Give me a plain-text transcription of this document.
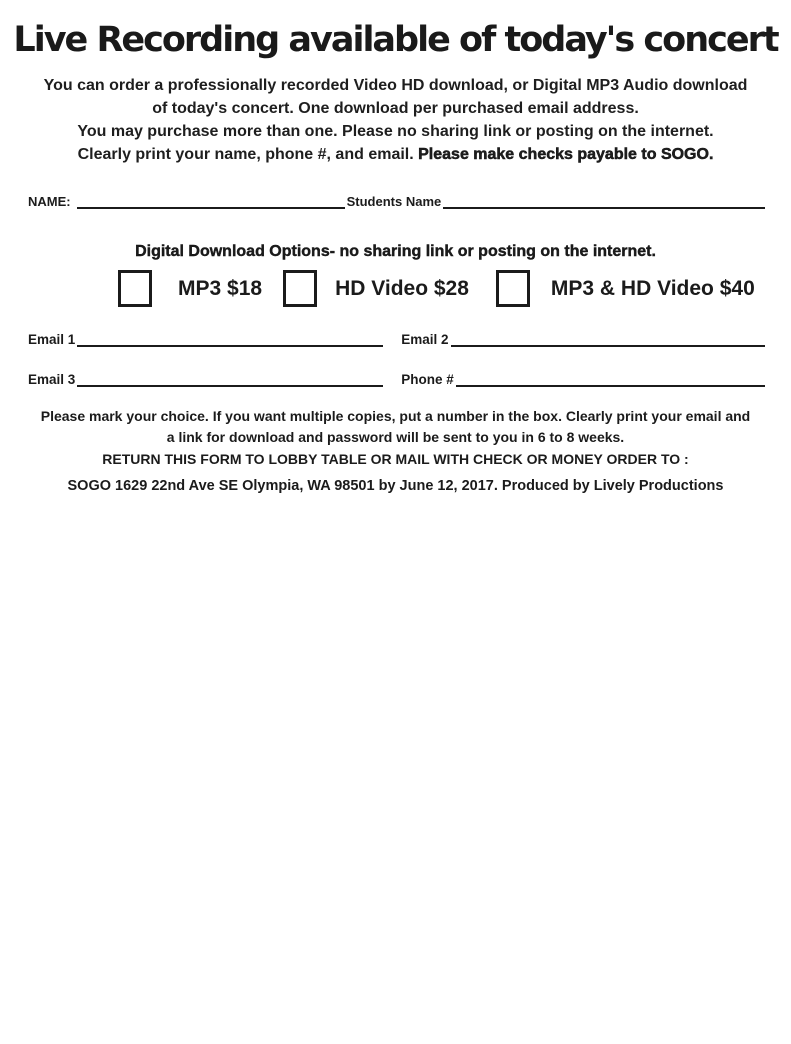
Live Recording available of today's concert
You can order a professionally recorded Video HD download, or Digital MP3 Audio download
of today's concert. One download per purchased email address.
You may purchase more than one. Please no sharing link or posting on the internet.
Clearly print your name, phone #, and email. Please make checks payable to SOGO.
NAME:	Students Name
Digital Download Options- no sharing link or posting on the internet.
MP3 $18	HD Video $28	MP3 & HD Video $40
Email 1	Email 2
Email 3	Phone #
Please mark your choice. If you want multiple copies, put a number in the box. Clearly print your email and
a link for download and password will be sent to you in 6 to 8 weeks.
RETURN THIS FORM TO LOBBY TABLE OR MAIL WITH CHECK OR MONEY ORDER TO :
SOGO 1629 22nd Ave SE Olympia, WA 98501 by June 12, 2017. Produced by Lively Productions
